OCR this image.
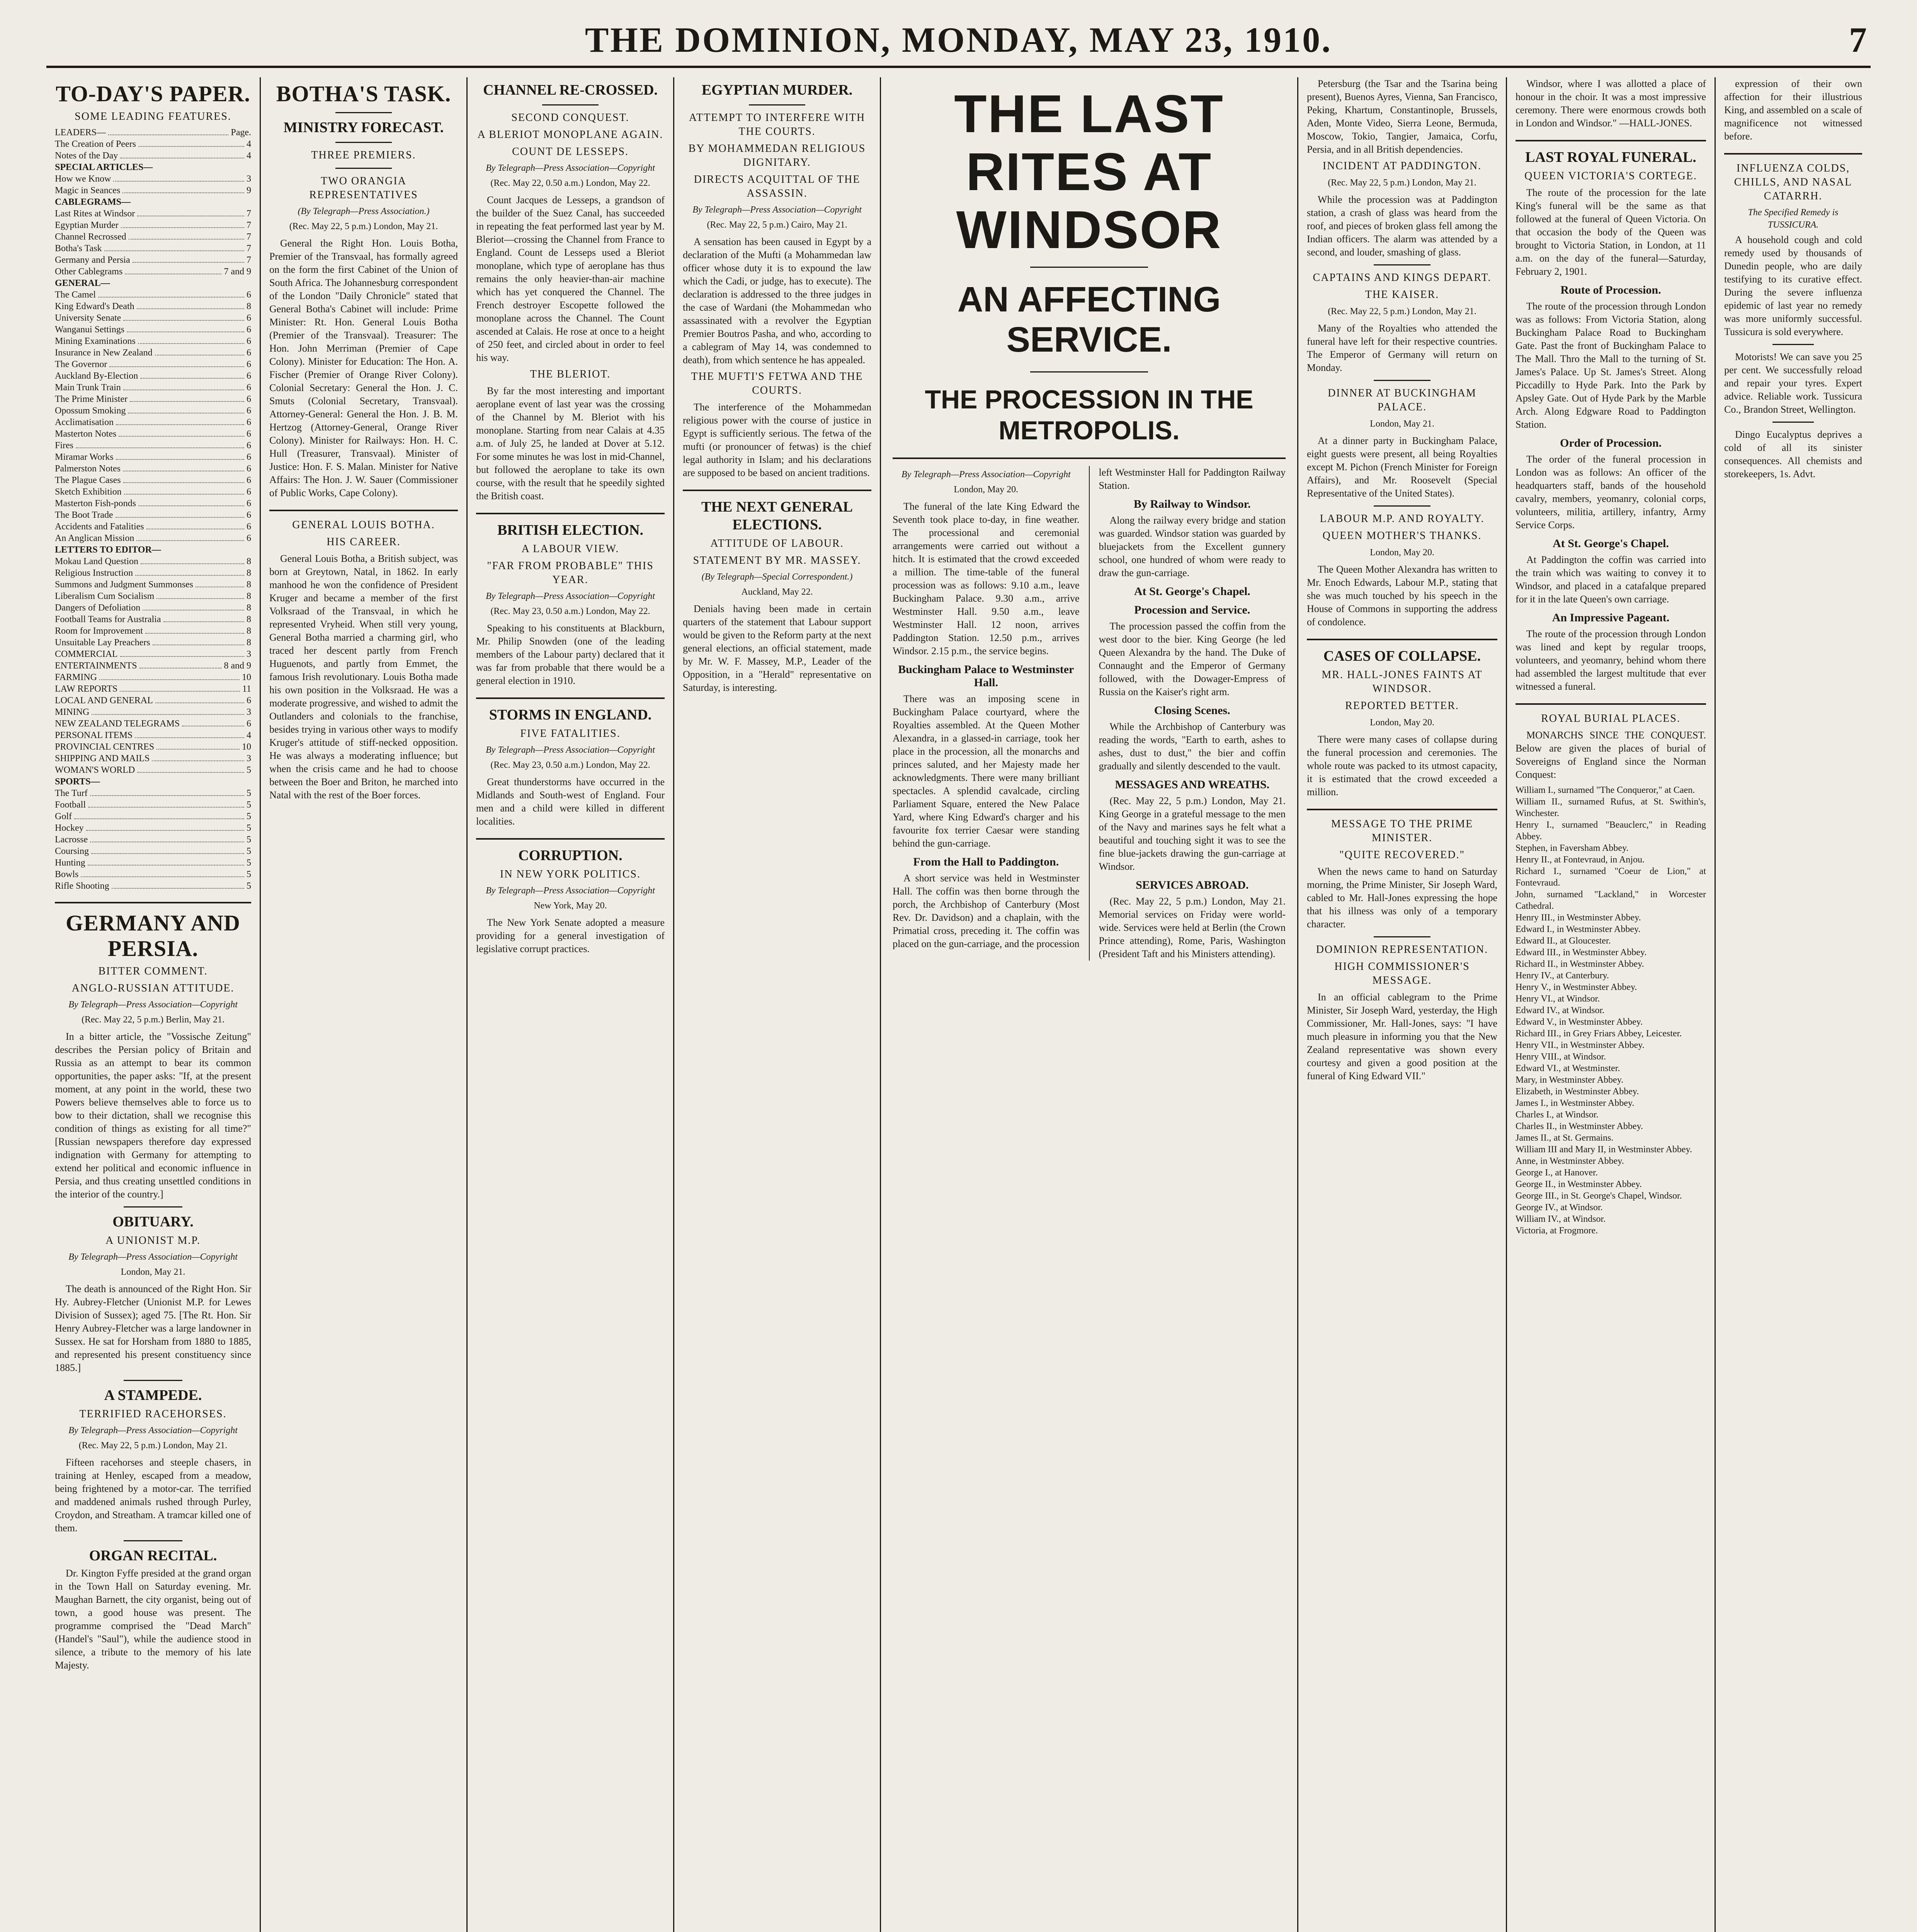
THE DOMINION, MONDAY, MAY 23, 1910.	7
TO-DAY'S PAPER.
SOME LEADING FEATURES.
LEADERS—	Page.
The Creation of Peers	4
Notes of the Day	4
SPECIAL ARTICLES—
How we Know	3
Magic in Seances	9
CABLEGRAMS—
Last Rites at Windsor	7
Egyptian Murder	7
Channel Recrossed	7
Botha's Task	7
Germany and Persia	7
Other Cablegrams	7 and 9
GENERAL—
The Camel	6
King Edward's Death	8
University Senate	6
Wanganui Settings	6
Mining Examinations	6
Insurance in New Zealand	6
The Governor	6
Auckland By-Election	6
Main Trunk Train	6
The Prime Minister	6
Opossum Smoking	6
Acclimatisation	6
Masterton Notes	6
Fires	6
Miramar Works	6
Palmerston Notes	6
The Plague Cases	6
Sketch Exhibition	6
Masterton Fish-ponds	6
The Boot Trade	6
Accidents and Fatalities	6
An Anglican Mission	6
LETTERS TO EDITOR—
Mokau Land Question	8
Religious Instruction	8
Summons and Judgment Summonses	8
Liberalism Cum Socialism	8
Dangers of Defoliation	8
Football Teams for Australia	8
Room for Improvement	8
Unsuitable Lay Preachers	8
COMMERCIAL	3
ENTERTAINMENTS	8 and 9
FARMING	10
LAW REPORTS	11
LOCAL AND GENERAL	6
MINING	3
NEW ZEALAND TELEGRAMS	6
PERSONAL ITEMS	4
PROVINCIAL CENTRES	10
SHIPPING AND MAILS	3
WOMAN'S WORLD	5
SPORTS—
The Turf	5
Football	5
Golf	5
Hockey	5
Lacrosse	5
Coursing	5
Hunting	5
Bowls	5
Rifle Shooting	5
GERMANY AND PERSIA.
BITTER COMMENT.
ANGLO-RUSSIAN ATTITUDE.
By Telegraph—Press Association—Copyright
(Rec. May 22, 5 p.m.) Berlin, May 21.

In a bitter article, the "Vossische Zeitung" describes the Persian policy of Britain and Russia as an attempt to bear its common opportunities, the paper asks: "If, at the present moment, at any point in the world, these two Powers believe themselves able to force us to bow to their dictation, shall we recognise this condition of things as existing for all time?" [Russian newspapers therefore day expressed indignation with Germany for attempting to extend her political and economic influence in Persia, and thus creating unsettled conditions in the interior of the country.]

OBITUARY.
A UNIONIST M.P.
By Telegraph—Press Association—Copyright
London, May 21.

The death is announced of the Right Hon. Sir Hy. Aubrey-Fletcher (Unionist M.P. for Lewes Division of Sussex); aged 75. [The Rt. Hon. Sir Henry Aubrey-Fletcher was a large landowner in Sussex. He sat for Horsham from 1880 to 1885, and represented his present constituency since 1885.]

A STAMPEDE.
TERRIFIED RACEHORSES.
By Telegraph—Press Association—Copyright
(Rec. May 22, 5 p.m.) London, May 21.

Fifteen racehorses and steeple chasers, in training at Henley, escaped from a meadow, being frightened by a motor-car. The terrified and maddened animals rushed through Purley, Croydon, and Streatham. A tramcar killed one of them.

ORGAN RECITAL.

Dr. Kington Fyffe presided at the grand organ in the Town Hall on Saturday evening. Mr. Maughan Barnett, the city organist, being out of town, a good house was present. The programme comprised the "Dead March" (Handel's "Saul"), while the audience stood in silence, a tribute to the memory of his late Majesty.

BOTHA'S TASK.
MINISTRY FORECAST.
THREE PREMIERS.
TWO ORANGIA REPRESENTATIVES
(By Telegraph—Press Association.)
(Rec. May 22, 5 p.m.) London, May 21.

General the Right Hon. Louis Botha, Premier of the Transvaal, has formally agreed on the form the first Cabinet of the Union of South Africa. The Johannesburg correspondent of the London "Daily Chronicle" stated that General Botha's Cabinet will include: Prime Minister: Rt. Hon. General Louis Botha (Premier of the Transvaal). Treasurer: The Hon. John Merriman (Premier of Cape Colony). Minister for Education: The Hon. A. Fischer (Premier of Orange River Colony). Colonial Secretary: General the Hon. J. C. Smuts (Colonial Secretary, Transvaal). Attorney-General: General the Hon. J. B. M. Hertzog (Attorney-General, Orange River Colony). Minister for Railways: Hon. H. C. Hull (Treasurer, Transvaal). Minister of Justice: Hon. F. S. Malan. Minister for Native Affairs: The Hon. J. W. Sauer (Commissioner of Public Works, Cape Colony).

GENERAL LOUIS BOTHA.
HIS CAREER.

General Louis Botha, a British subject, was born at Greytown, Natal, in 1862. In early manhood he won the confidence of President Kruger and became a member of the first Volksraad of the Transvaal, in which he represented Vryheid. When still very young, General Botha married a charming girl, who traced her descent partly from French Huguenots, and partly from Emmet, the famous Irish revolutionary. Louis Botha made his own position in the Volksraad. He was a moderate progressive, and wished to admit the Outlanders and colonials to the franchise, besides trying in various other ways to modify Kruger's attitude of stiff-necked opposition. He was always a moderating influence; but when the crisis came and he had to choose between the Boer and Briton, he marched into Natal with the rest of the Boer forces.

CHANNEL RE-CROSSED.
SECOND CONQUEST.
A BLERIOT MONOPLANE AGAIN.
COUNT DE LESSEPS.
By Telegraph—Press Association—Copyright
(Rec. May 22, 0.50 a.m.) London, May 22.

Count Jacques de Lesseps, a grandson of the builder of the Suez Canal, has succeeded in repeating the feat performed last year by M. Bleriot—crossing the Channel from France to England. Count de Lesseps used a Bleriot monoplane, which type of aeroplane has thus remains the only heavier-than-air machine which has yet conquered the Channel. The French destroyer Escopette followed the monoplane across the Channel. The Count ascended at Calais. He rose at once to a height of 250 feet, and circled about in order to feel his way.

THE BLERIOT.

By far the most interesting and important aeroplane event of last year was the crossing of the Channel by M. Bleriot with his monoplane. Starting from near Calais at 4.35 a.m. of July 25, he landed at Dover at 5.12. For some minutes he was lost in mid-Channel, but followed the aeroplane to take its own course, with the result that he speedily sighted the British coast.

BRITISH ELECTION.
A LABOUR VIEW.
"FAR FROM PROBABLE" THIS YEAR.
By Telegraph—Press Association—Copyright
(Rec. May 23, 0.50 a.m.) London, May 22.

Speaking to his constituents at Blackburn, Mr. Philip Snowden (one of the leading members of the Labour party) declared that it was far from probable that there would be a general election in 1910.

STORMS IN ENGLAND.
FIVE FATALITIES.
By Telegraph—Press Association—Copyright
(Rec. May 23, 0.50 a.m.) London, May 22.

Great thunderstorms have occurred in the Midlands and South-west of England. Four men and a child were killed in different localities.

CORRUPTION.
IN NEW YORK POLITICS.
By Telegraph—Press Association—Copyright
New York, May 20.

The New York Senate adopted a measure providing for a general investigation of legislative corrupt practices.

EGYPTIAN MURDER.
ATTEMPT TO INTERFERE WITH THE COURTS.
BY MOHAMMEDAN RELIGIOUS DIGNITARY.
DIRECTS ACQUITTAL OF THE ASSASSIN.
By Telegraph—Press Association—Copyright
(Rec. May 22, 5 p.m.) Cairo, May 21.

A sensation has been caused in Egypt by a declaration of the Mufti (a Mohammedan law officer whose duty it is to expound the law which the Cadi, or judge, has to execute). The declaration is addressed to the three judges in the case of Wardani (the Mohammedan who assassinated with a revolver the Egyptian Premier Boutros Pasha, and who, according to a cablegram of May 14, was condemned to death), from which sentence he has appealed.

THE MUFTI'S FETWA AND THE COURTS.

The interference of the Mohammedan religious power with the course of justice in Egypt is sufficiently serious. The fetwa of the mufti (or pronouncer of fetwas) is the chief legal authority in Islam; and his declarations are supposed to be based on ancient traditions.

THE NEXT GENERAL ELECTIONS.
ATTITUDE OF LABOUR.
STATEMENT BY MR. MASSEY.
(By Telegraph—Special Correspondent.)
Auckland, May 22.

Denials having been made in certain quarters of the statement that Labour support would be given to the Reform party at the next general elections, an official statement, made by Mr. W. F. Massey, M.P., Leader of the Opposition, in a "Herald" representative on Saturday, is interesting.

THE LAST RITES AT WINDSOR
AN AFFECTING SERVICE.
THE PROCESSION IN THE METROPOLIS.
By Telegraph—Press Association—Copyright
London, May 20.

The funeral of the late King Edward the Seventh took place to-day, in fine weather. The processional and ceremonial arrangements were carried out without a hitch. It is estimated that the crowd exceeded a million. The time-table of the funeral procession was as follows: 9.10 a.m., leave Buckingham Palace. 9.30 a.m., arrive Westminster Hall. 9.50 a.m., leave Westminster Hall. 12 noon, arrives Paddington Station. 12.50 p.m., arrives Windsor. 2.15 p.m., the service begins.

Buckingham Palace to Westminster Hall.

There was an imposing scene in Buckingham Palace courtyard, where the Royalties assembled. At the Queen Mother Alexandra, in a glassed-in carriage, took her place in the procession, all the monarchs and princes saluted, and her Majesty made her acknowledgments. There were many brilliant spectacles. A splendid cavalcade, circling Parliament Square, entered the New Palace Yard, where King Edward's charger and his favourite fox terrier Caesar were standing behind the gun-carriage.

From the Hall to Paddington.

A short service was held in Westminster Hall. The coffin was then borne through the porch, the Archbishop of Canterbury (Most Rev. Dr. Davidson) and a chaplain, with the Primatial cross, preceding it. The coffin was placed on the gun-carriage, and the procession left Westminster Hall for Paddington Railway Station.

By Railway to Windsor.

Along the railway every bridge and station was guarded. Windsor station was guarded by bluejackets from the Excellent gunnery school, one hundred of whom were ready to draw the gun-carriage.

At St. George's Chapel.
Procession and Service.

The procession passed the coffin from the west door to the bier. King George (he led Queen Alexandra by the hand. The Duke of Connaught and the Emperor of Germany followed, with the Dowager-Empress of Russia on the Kaiser's right arm.

Closing Scenes.

While the Archbishop of Canterbury was reading the words, "Earth to earth, ashes to ashes, dust to dust," the bier and coffin gradually and silently descended to the vault.

MESSAGES AND WREATHS.

(Rec. May 22, 5 p.m.) London, May 21. King George in a grateful message to the men of the Navy and marines says he felt what a beautiful and touching sight it was to see the fine blue-jackets drawing the gun-carriage at Windsor.

SERVICES ABROAD.

(Rec. May 22, 5 p.m.) London, May 21. Memorial services on Friday were world-wide. Services were held at Berlin (the Crown Prince attending), Rome, Paris, Washington (President Taft and his Ministers attending).

Petersburg (the Tsar and the Tsarina being present), Buenos Ayres, Vienna, San Francisco, Peking, Khartum, Constantinople, Brussels, Aden, Monte Video, Sierra Leone, Bermuda, Moscow, Tokio, Tangier, Jamaica, Corfu, Persia, and in all British dependencies.

INCIDENT AT PADDINGTON.
(Rec. May 22, 5 p.m.) London, May 21.

While the procession was at Paddington station, a crash of glass was heard from the roof, and pieces of broken glass fell among the Indian officers. The alarm was attended by a second, and louder, smashing of glass.

CAPTAINS AND KINGS DEPART.
THE KAISER.
(Rec. May 22, 5 p.m.) London, May 21.

Many of the Royalties who attended the funeral have left for their respective countries. The Emperor of Germany will return on Monday.

DINNER AT BUCKINGHAM PALACE.
London, May 21.

At a dinner party in Buckingham Palace, eight guests were present, all being Royalties except M. Pichon (French Minister for Foreign Affairs), and Mr. Roosevelt (Special Representative of the United States).

LABOUR M.P. AND ROYALTY.
QUEEN MOTHER'S THANKS.
London, May 20.

The Queen Mother Alexandra has written to Mr. Enoch Edwards, Labour M.P., stating that she was much touched by his speech in the House of Commons in supporting the address of condolence.

CASES OF COLLAPSE.
MR. HALL-JONES FAINTS AT WINDSOR.
REPORTED BETTER.
London, May 20.

There were many cases of collapse during the funeral procession and ceremonies. The whole route was packed to its utmost capacity, it is estimated that the crowd exceeded a million.

MESSAGE TO THE PRIME MINISTER.
"QUITE RECOVERED."

When the news came to hand on Saturday morning, the Prime Minister, Sir Joseph Ward, cabled to Mr. Hall-Jones expressing the hope that his illness was only of a temporary character.

DOMINION REPRESENTATION.
HIGH COMMISSIONER'S MESSAGE.

In an official cablegram to the Prime Minister, Sir Joseph Ward, yesterday, the High Commissioner, Mr. Hall-Jones, says: "I have much pleasure in informing you that the New Zealand representative was shown every courtesy and given a good position at the funeral of King Edward VII."

Windsor, where I was allotted a place of honour in the choir. It was a most impressive ceremony. There were enormous crowds both in London and Windsor." —HALL-JONES.

LAST ROYAL FUNERAL.
QUEEN VICTORIA'S CORTEGE.

The route of the procession for the late King's funeral will be the same as that followed at the funeral of Queen Victoria. On that occasion the body of the Queen was brought to Victoria Station, in London, at 11 a.m. on the day of the funeral—Saturday, February 2, 1901.

Route of Procession.

The route of the procession through London was as follows: From Victoria Station, along Buckingham Palace Road to Buckingham Gate. Past the front of Buckingham Palace to The Mall. Thro the Mall to the turning of St. James's Palace. Up St. James's Street. Along Piccadilly to Hyde Park. Into the Park by Apsley Gate. Out of Hyde Park by the Marble Arch. Along Edgware Road to Paddington Station.

Order of Procession.

The order of the funeral procession in London was as follows: An officer of the headquarters staff, bands of the household cavalry, members, yeomanry, colonial corps, volunteers, militia, artillery, infantry, Army Service Corps.

At St. George's Chapel.

At Paddington the coffin was carried into the train which was waiting to convey it to Windsor, and placed in a catafalque prepared for it in the late Queen's own carriage.

An Impressive Pageant.

The route of the procession through London was lined and kept by regular troops, volunteers, and yeomanry, behind whom there had assembled the largest multitude that ever witnessed a funeral.

ROYAL BURIAL PLACES.

MONARCHS SINCE THE CONQUEST. Below are given the places of burial of Sovereigns of England since the Norman Conquest:

William I., surnamed "The Conqueror," at Caen.
William II., surnamed Rufus, at St. Swithin's, Winchester.
Henry I., surnamed "Beauclerc," in Reading Abbey.
Stephen, in Faversham Abbey.
Henry II., at Fontevraud, in Anjou.
Richard I., surnamed "Coeur de Lion," at Fontevraud.
John, surnamed "Lackland," in Worcester Cathedral.
Henry III., in Westminster Abbey.
Edward I., in Westminster Abbey.
Edward II., at Gloucester.
Edward III., in Westminster Abbey.
Richard II., in Westminster Abbey.
Henry IV., at Canterbury.
Henry V., in Westminster Abbey.
Henry VI., at Windsor.
Edward IV., at Windsor.
Edward V., in Westminster Abbey.
Richard III., in Grey Friars Abbey, Leicester.
Henry VII., in Westminster Abbey.
Henry VIII., at Windsor.
Edward VI., at Westminster.
Mary, in Westminster Abbey.
Elizabeth, in Westminster Abbey.
James I., in Westminster Abbey.
Charles I., at Windsor.
Charles II., in Westminster Abbey.
James II., at St. Germains.
William III and Mary II, in Westminster Abbey.
Anne, in Westminster Abbey.
George I., at Hanover.
George II., in Westminster Abbey.
George III., in St. George's Chapel, Windsor.
George IV., at Windsor.
William IV., at Windsor.
Victoria, at Frogmore.

expression of their own affection for their illustrious King, and assembled on a scale of magnificence not witnessed before.

INFLUENZA COLDS, CHILLS, AND NASAL CATARRH.
The Specified Remedy is TUSSICURA.

A household cough and cold remedy used by thousands of Dunedin people, who are daily testifying to its curative effect. During the severe influenza epidemic of last year no remedy was more uniformly successful. Tussicura is sold everywhere.

Motorists! We can save you 25 per cent. We successfully reload and repair your tyres. Expert advice. Reliable work. Tussicura Co., Brandon Street, Wellington.

Dingo Eucalyptus deprives a cold of all its sinister consequences. All chemists and storekeepers, 1s. Advt.
